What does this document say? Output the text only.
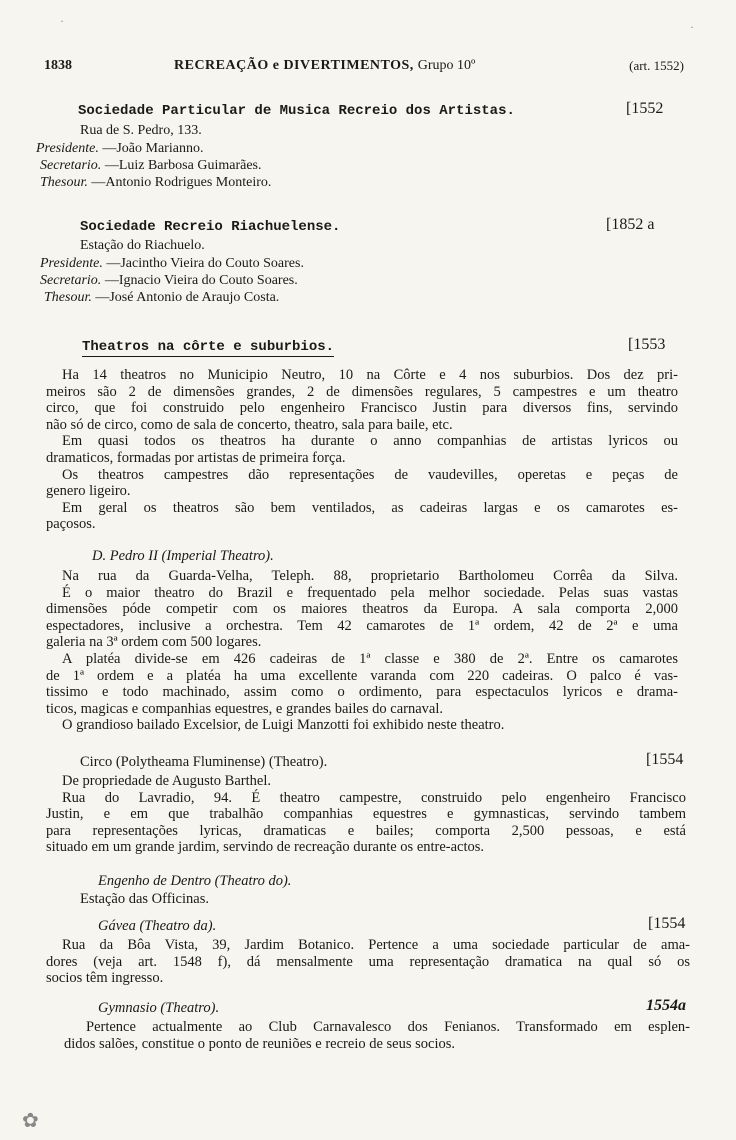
·	·
✿
1838	RECREAÇÃO e DIVERTIMENTOS, Grupo 10º	(art. 1552)
Sociedade Particular de Musica Recreio dos Artistas.	[1552
Rua de S. Pedro, 133.
Presidente. —João Marianno.
Secretario. —Luiz Barbosa Guimarães.
Thesour. —Antonio Rodrigues Monteiro.
Sociedade Recreio Riachuelense.	[1852 a
Estação do Riachuelo.
Presidente. —Jacintho Vieira do Couto Soares.
Secretario. —Ignacio Vieira do Couto Soares.
Thesour. —José Antonio de Araujo Costa.
Theatros na côrte e suburbios.	[1553
Ha 14 theatros no Municipio Neutro, 10 na Côrte e 4 nos suburbios. Dos dez pri-
meiros são 2 de dimensões grandes, 2 de dimensões regulares, 5 campestres e um theatro
circo, que foi construido pelo engenheiro Francisco Justin para diversos fins, servindo
não só de circo, como de sala de concerto, theatro, sala para baile, etc.
Em quasi todos os theatros ha durante o anno companhias de artistas lyricos ou
dramaticos, formadas por artistas de primeira força.
Os theatros campestres dão representações de vaudevilles, operetas e peças de
genero ligeiro.
Em geral os theatros são bem ventilados, as cadeiras largas e os camarotes es-
paçosos.
D. Pedro II (Imperial Theatro).
Na rua da Guarda-Velha, Teleph. 88, proprietario Bartholomeu Corrêa da Silva.
É o maior theatro do Brazil e frequentado pela melhor sociedade. Pelas suas vastas
dimensões póde competir com os maiores theatros da Europa. A sala comporta 2,000
espectadores, inclusive a orchestra. Tem 42 camarotes de 1ª ordem, 42 de 2ª e uma
galeria na 3ª ordem com 500 logares.
A platéa divide-se em 426 cadeiras de 1ª classe e 380 de 2ª. Entre os camarotes
de 1ª ordem e a platéa ha uma excellente varanda com 220 cadeiras. O palco é vas-
tissimo e todo machinado, assim como o ordimento, para espectaculos lyricos e drama-
ticos, magicas e companhias equestres, e grandes bailes do carnaval.
O grandioso bailado Excelsior, de Luigi Manzotti foi exhibido neste theatro.
Circo (Polytheama Fluminense) (Theatro).	[1554
De propriedade de Augusto Barthel.
Rua do Lavradio, 94. É theatro campestre, construido pelo engenheiro Francisco
Justin, e em que trabalhão companhias equestres e gymnasticas, servindo tambem
para representações lyricas, dramaticas e bailes; comporta 2,500 pessoas, e está
situado em um grande jardim, servindo de recreação durante os entre-actos.
Engenho de Dentro (Theatro do).
Estação das Officinas.
Gávea (Theatro da).	[1554
Rua da Bôa Vista, 39, Jardim Botanico. Pertence a uma sociedade particular de ama-
dores (veja art. 1548 f), dá mensalmente uma representação dramatica na qual só os
socios têm ingresso.
Gymnasio (Theatro).	1554a
Pertence actualmente ao Club Carnavalesco dos Fenianos. Transformado em esplen-
didos salões, constitue o ponto de reuniões e recreio de seus socios.
